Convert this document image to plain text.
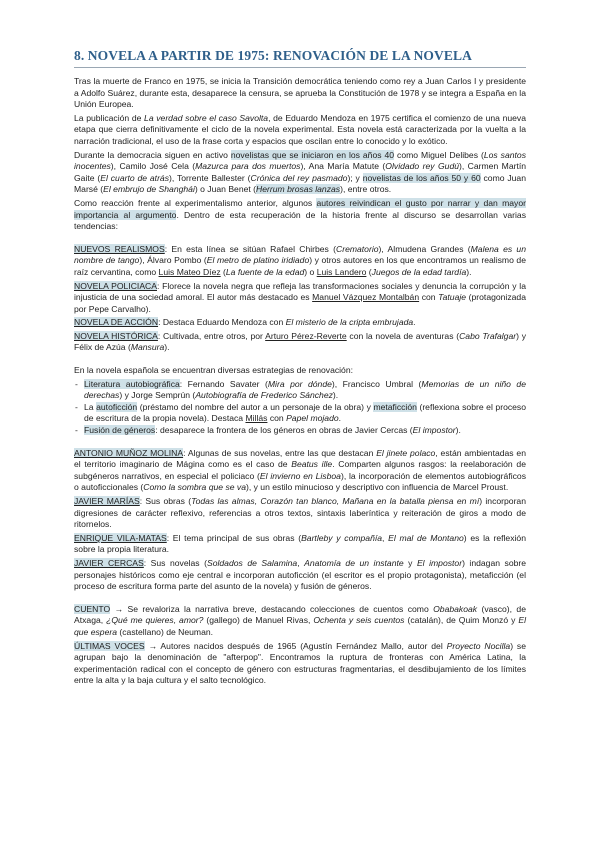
8. NOVELA A PARTIR DE 1975: RENOVACIÓN DE LA NOVELA

Tras la muerte de Franco en 1975, se inicia la Transición democrática teniendo como rey a Juan Carlos I y presidente a Adolfo Suárez, durante esta, desaparece la censura, se aprueba la Constitución de 1978 y se integra a España en la Unión Europea.

La publicación de La verdad sobre el caso Savolta, de Eduardo Mendoza en 1975 certifica el comienzo de una nueva etapa que cierra definitivamente el ciclo de la novela experimental. Esta novela está caracterizada por la vuelta a la narración tradicional, el uso de la frase corta y espacios que oscilan entre lo conocido y lo exótico.

Durante la democracia siguen en activo novelistas que se iniciaron en los años 40 como Miguel Delibes (Los santos inocentes), Camilo José Cela (Mazurca para dos muertos), Ana María Matute (Olvidado rey Gudú), Carmen Martín Gaite (El cuarto de atrás), Torrente Ballester (Crónica del rey pasmado); y novelistas de los años 50 y 60 como Juan Marsé (El embrujo de Shanghái) o Juan Benet (Herrum brosas lanzas), entre otros.

Como reacción frente al experimentalismo anterior, algunos autores reivindican el gusto por narrar y dan mayor importancia al argumento. Dentro de esta recuperación de la historia frente al discurso se desarrollan varias tendencias:

NUEVOS REALISMOS: En esta línea se sitúan Rafael Chirbes (Crematorio), Almudena Grandes (Malena es un nombre de tango), Álvaro Pombo (El metro de platino iridiado) y otros autores en los que encontramos un realismo de raíz cervantina, como Luis Mateo Díez (La fuente de la edad) o Luis Landero (Juegos de la edad tardía).

NOVELA POLICIACA: Florece la novela negra que refleja las transformaciones sociales y denuncia la corrupción y la injusticia de una sociedad amoral. El autor más destacado es Manuel Vázquez Montalbán con Tatuaje (protagonizada por Pepe Carvalho).

NOVELA DE ACCIÓN: Destaca Eduardo Mendoza con El misterio de la cripta embrujada.

NOVELA HISTÓRICA: Cultivada, entre otros, por Arturo Pérez-Reverte con la novela de aventuras (Cabo Trafalgar) y Félix de Azúa (Mansura).

En la novela española se encuentran diversas estrategias de renovación:

- Literatura autobiográfica: Fernando Savater (Mira por dónde), Francisco Umbral (Memorias de un niño de derechas) y Jorge Semprún (Autobiografía de Frederico Sánchez).
- La autoficción (préstamo del nombre del autor a un personaje de la obra) y metaficción (reflexiona sobre el proceso de escritura de la propia novela). Destaca Millás con Papel mojado.
- Fusión de géneros: desaparece la frontera de los géneros en obras de Javier Cercas (El impostor).

ANTONIO MUÑOZ MOLINA: Algunas de sus novelas, entre las que destacan El jinete polaco, están ambientadas en el territorio imaginario de Mágina como es el caso de Beatus ille. Comparten algunos rasgos: la reelaboración de subgéneros narrativos, en especial el policiaco (El invierno en Lisboa), la incorporación de elementos autobiográficos o autoficcionales (Como la sombra que se va), y un estilo minucioso y descriptivo con influencia de Marcel Proust.

JAVIER MARÍAS: Sus obras (Todas las almas, Corazón tan blanco, Mañana en la batalla piensa en mí) incorporan digresiones de carácter reflexivo, referencias a otros textos, sintaxis laberíntica y reiteración de giros a modo de ritornelos.

ENRIQUE VILA-MATAS: El tema principal de sus obras (Bartleby y compañía, El mal de Montano) es la reflexión sobre la propia literatura.

JAVIER CERCAS: Sus novelas (Soldados de Salamina, Anatomía de un instante y El impostor) indagan sobre personajes históricos como eje central e incorporan autoficción (el escritor es el propio protagonista), metaficción (el proceso de escritura forma parte del asunto de la novela) y fusión de géneros.

CUENTO → Se revaloriza la narrativa breve, destacando colecciones de cuentos como Obabakoak (vasco), de Atxaga, ¿Qué me quieres, amor? (gallego) de Manuel Rivas, Ochenta y seis cuentos (catalán), de Quim Monzó y El que espera (castellano) de Neuman.

ÚLTIMAS VOCES → Autores nacidos después de 1965 (Agustín Fernández Mallo, autor del Proyecto Nocilla) se agrupan bajo la denominación de "afterpop". Encontramos la ruptura de fronteras con América Latina, la experimentación radical con el concepto de género con estructuras fragmentarias, el desdibujamiento de los límites entre la alta y la baja cultura y el salto tecnológico.
